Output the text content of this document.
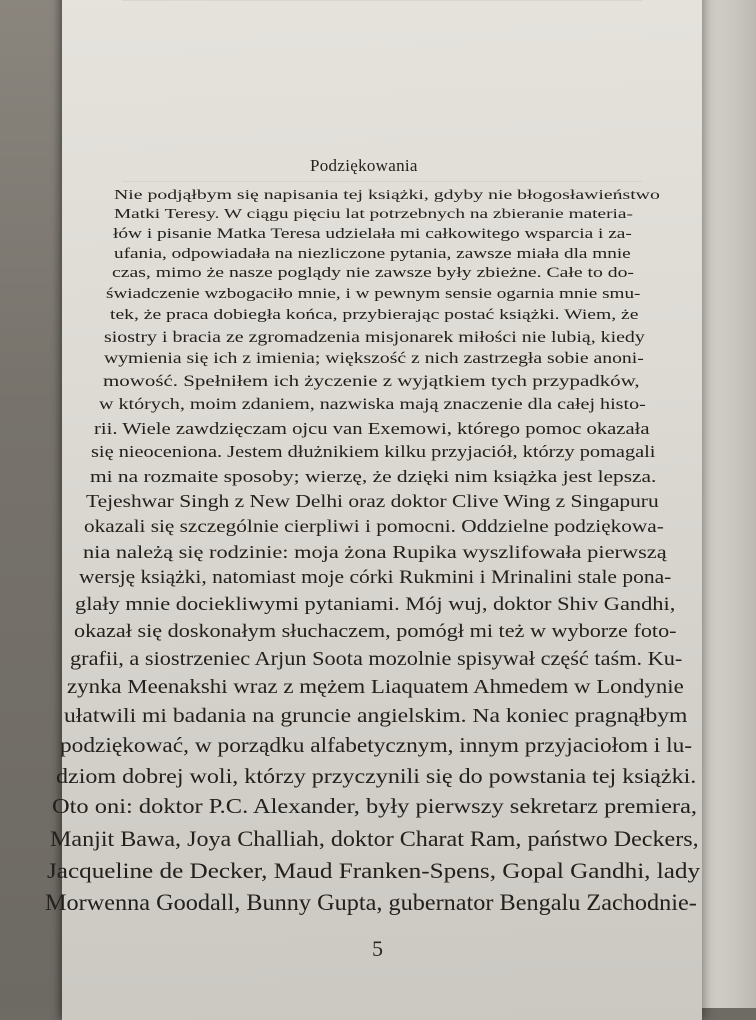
Podziękowania
Nie podjąłbym się napisania tej książki, gdyby nie błogosławieństwo
Matki Teresy. W ciągu pięciu lat potrzebnych na zbieranie materia-
łów i pisanie Matka Teresa udzielała mi całkowitego wsparcia i za-
ufania, odpowiadała na niezliczone pytania, zawsze miała dla mnie
czas, mimo że nasze poglądy nie zawsze były zbieżne. Całe to do-
świadczenie wzbogaciło mnie, i w pewnym sensie ogarnia mnie smu-
tek, że praca dobiegła końca, przybierając postać książki. Wiem, że
siostry i bracia ze zgromadzenia misjonarek miłości nie lubią, kiedy
wymienia się ich z imienia; większość z nich zastrzegła sobie anoni-
mowość. Spełniłem ich życzenie z wyjątkiem tych przypadków,
w których, moim zdaniem, nazwiska mają znaczenie dla całej histo-
rii. Wiele zawdzięczam ojcu van Exemowi, którego pomoc okazała
się nieoceniona. Jestem dłużnikiem kilku przyjaciół, którzy pomagali
mi na rozmaite sposoby; wierzę, że dzięki nim książka jest lepsza.
Tejeshwar Singh z New Delhi oraz doktor Clive Wing z Singapuru
okazali się szczególnie cierpliwi i pomocni. Oddzielne podziękowa-
nia należą się rodzinie: moja żona Rupika wyszlifowała pierwszą
wersję książki, natomiast moje córki Rukmini i Mrinalini stale pona-
glały mnie dociekliwymi pytaniami. Mój wuj, doktor Shiv Gandhi,
okazał się doskonałym słuchaczem, pomógł mi też w wyborze foto-
grafii, a siostrzeniec Arjun Soota mozolnie spisywał część taśm. Ku-
zynka Meenakshi wraz z mężem Liaquatem Ahmedem w Londynie
ułatwili mi badania na gruncie angielskim. Na koniec pragnąłbym
podziękować, w porządku alfabetycznym, innym przyjaciołom i lu-
dziom dobrej woli, którzy przyczynili się do powstania tej książki.
Oto oni: doktor P.C. Alexander, były pierwszy sekretarz premiera,
Manjit Bawa, Joya Challiah, doktor Charat Ram, państwo Deckers,
Jacqueline de Decker, Maud Franken-Spens, Gopal Gandhi, lady
Morwenna Goodall, Bunny Gupta, gubernator Bengalu Zachodnie-
5
